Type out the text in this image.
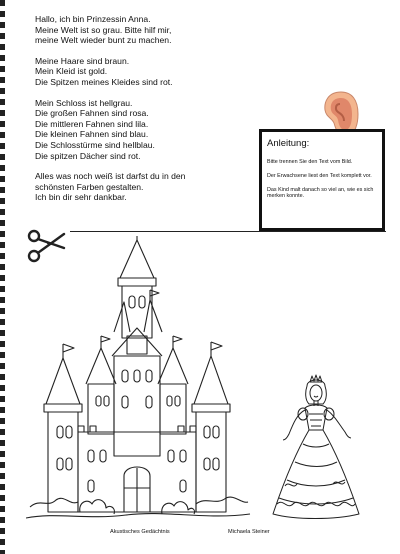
Hallo, ich bin Prinzessin Anna.
Meine Welt ist so grau. Bitte hilf mir,
meine Welt wieder bunt zu machen.
Meine Haare sind braun.
Mein Kleid ist gold.
Die Spitzen meines Kleides sind rot.
Mein Schloss ist hellgrau.
Die großen Fahnen sind rosa.
Die mittleren Fahnen sind lila.
Die kleinen Fahnen sind blau.
Die Schlosstürme sind hellblau.
Die spitzen Dächer sind rot.
Alles was noch weiß ist darfst du in den
schönsten Farben gestalten.
Ich bin dir sehr dankbar.
Anleitung:

Bitte trennen Sie den Text vom Bild.

Der Erwachsene liest den Text komplett vor.

Das Kind malt danach so viel an, wie es sich merken konnte.

Akustisches Gedächtnis	Michaela Steiner
